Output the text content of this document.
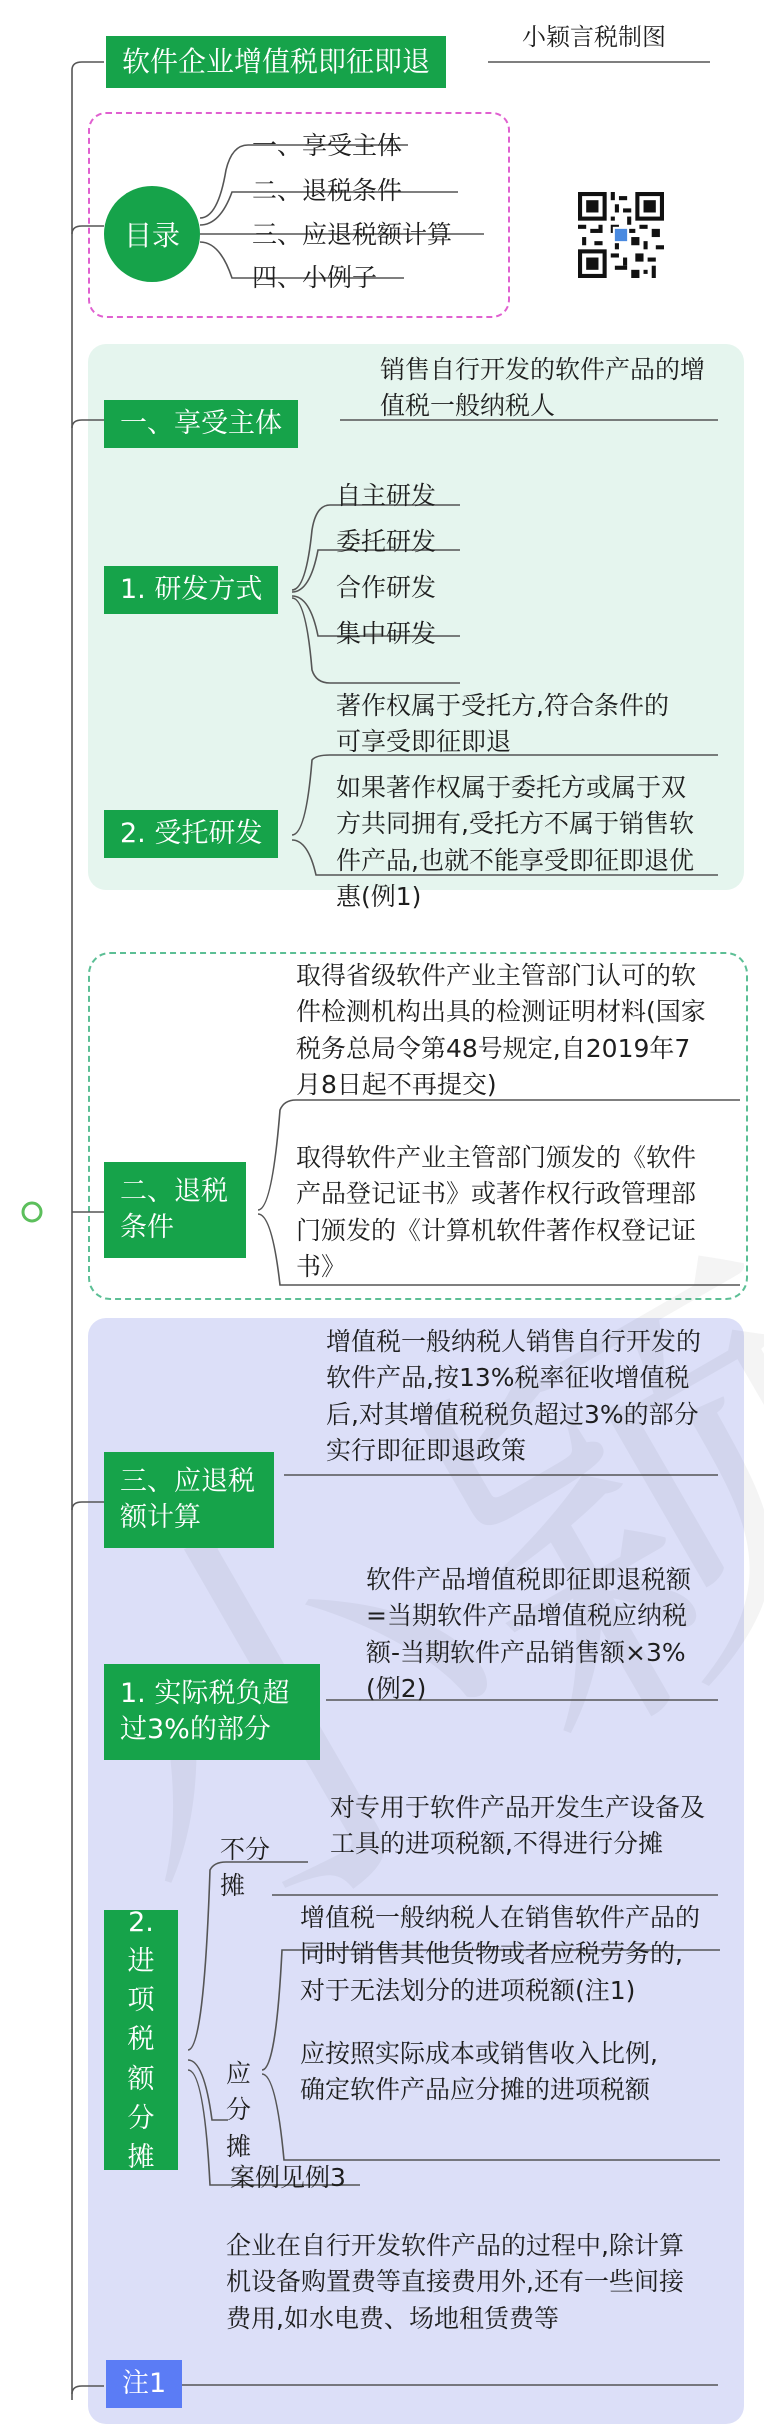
软件企业增值税即征即退
小颖言税制图
目录
一、享受主体
二、退税条件
三、应退税额计算
四、小例子
销售自行开发的软件产品的增值税一般纳税人
一、享受主体
自主研发
委托研发
合作研发
集中研发
1. 研发方式
著作权属于受托方,符合条件的可享受即征即退
如果著作权属于委托方或属于双方共同拥有,受托方不属于销售软件产品,也就不能享受即征即退优惠(例1)
2. 受托研发
取得省级软件产业主管部门认可的软件检测机构出具的检测证明材料(国家税务总局令第48号规定,自2019年7月8日起不再提交)
取得软件产业主管部门颁发的《软件产品登记证书》或著作权行政管理部门颁发的《计算机软件著作权登记证书》
二、退税条件
增值税一般纳税人销售自行开发的软件产品,按13%税率征收增值税后,对其增值税税负超过3%的部分实行即征即退政策
三、应退税额计算
软件产品增值税即征即退税额=当期软件产品增值税应纳税额-当期软件产品销售额×3%(例2)
1. 实际税负超过3%的部分
不分摊
对专用于软件产品开发生产设备及工具的进项税额,不得进行分摊
增值税一般纳税人在销售软件产品的同时销售其他货物或者应税劳务的,对于无法划分的进项税额(注1)
应按照实际成本或销售收入比例,确定软件产品应分摊的进项税额
应分摊
案例见例3
2. 进项税额分摊
企业在自行开发软件产品的过程中,除计算机设备购置费等直接费用外,还有一些间接费用,如水电费、场地租赁费等
注1
